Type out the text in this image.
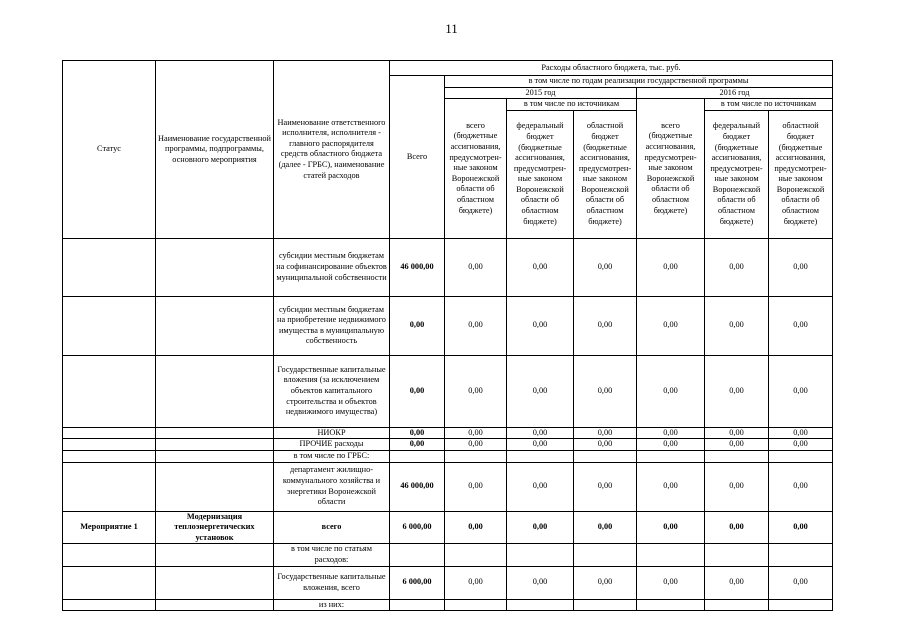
11
Статус	Наименование государственной программы, подпрограммы, основного мероприятия	Наименование ответственного исполнителя, исполнителя - главного распорядителя средств областного бюджета (далее - ГРБС), наименование статей расходов	Расходы областного бюджета, тыс. руб.						
			Всего	в том числе по годам реализации государственной программы					
				2015 год			2016 год		
				всего (бюджетные ассигнования, предусмотрен-ные законом Воронежской области об областном бюджете)	в том числе по источникам		всего (бюджетные ассигнования, предусмотрен-ные законом Воронежской области об областном бюджете)	в том числе по источникам	
					федеральный бюджет (бюджетные ассигнования, предусмотрен-ные законом Воронежской области об областном бюджете)	областной бюджет (бюджетные ассигнования, предусмотрен-ные законом Воронежской области об областном бюджете)		федеральный бюджет (бюджетные ассигнования, предусмотрен-ные законом Воронежской области об областном бюджете)	областной бюджет (бюджетные ассигнования, предусмотрен-ные законом Воронежской области об областном бюджете)
		субсидии местным бюджетам на софинансирование объектов муниципальной собственности	46 000,00	0,00	0,00	0,00	0,00	0,00	0,00
		субсидии местным бюджетам на приобретение недвижимого имущества в муниципальную собственность	0,00	0,00	0,00	0,00	0,00	0,00	0,00
		Государственные капитальные вложения (за исключением объектов капитального строительства и объектов недвижимого имущества)	0,00	0,00	0,00	0,00	0,00	0,00	0,00
		НИОКР	0,00	0,00	0,00	0,00	0,00	0,00	0,00
		ПРОЧИЕ расходы	0,00	0,00	0,00	0,00	0,00	0,00	0,00
		в том числе по ГРБС:							
		департамент жилищно-коммунального хозяйства и энергетики Воронежской области	46 000,00	0,00	0,00	0,00	0,00	0,00	0,00
Мероприятие 1	Модернизация теплоэнергетических установок	всего	6 000,00	0,00	0,00	0,00	0,00	0,00	0,00
		в том числе по статьям расходов:							
		Государственные капитальные вложения, всего	6 000,00	0,00	0,00	0,00	0,00	0,00	0,00
		из них:							
